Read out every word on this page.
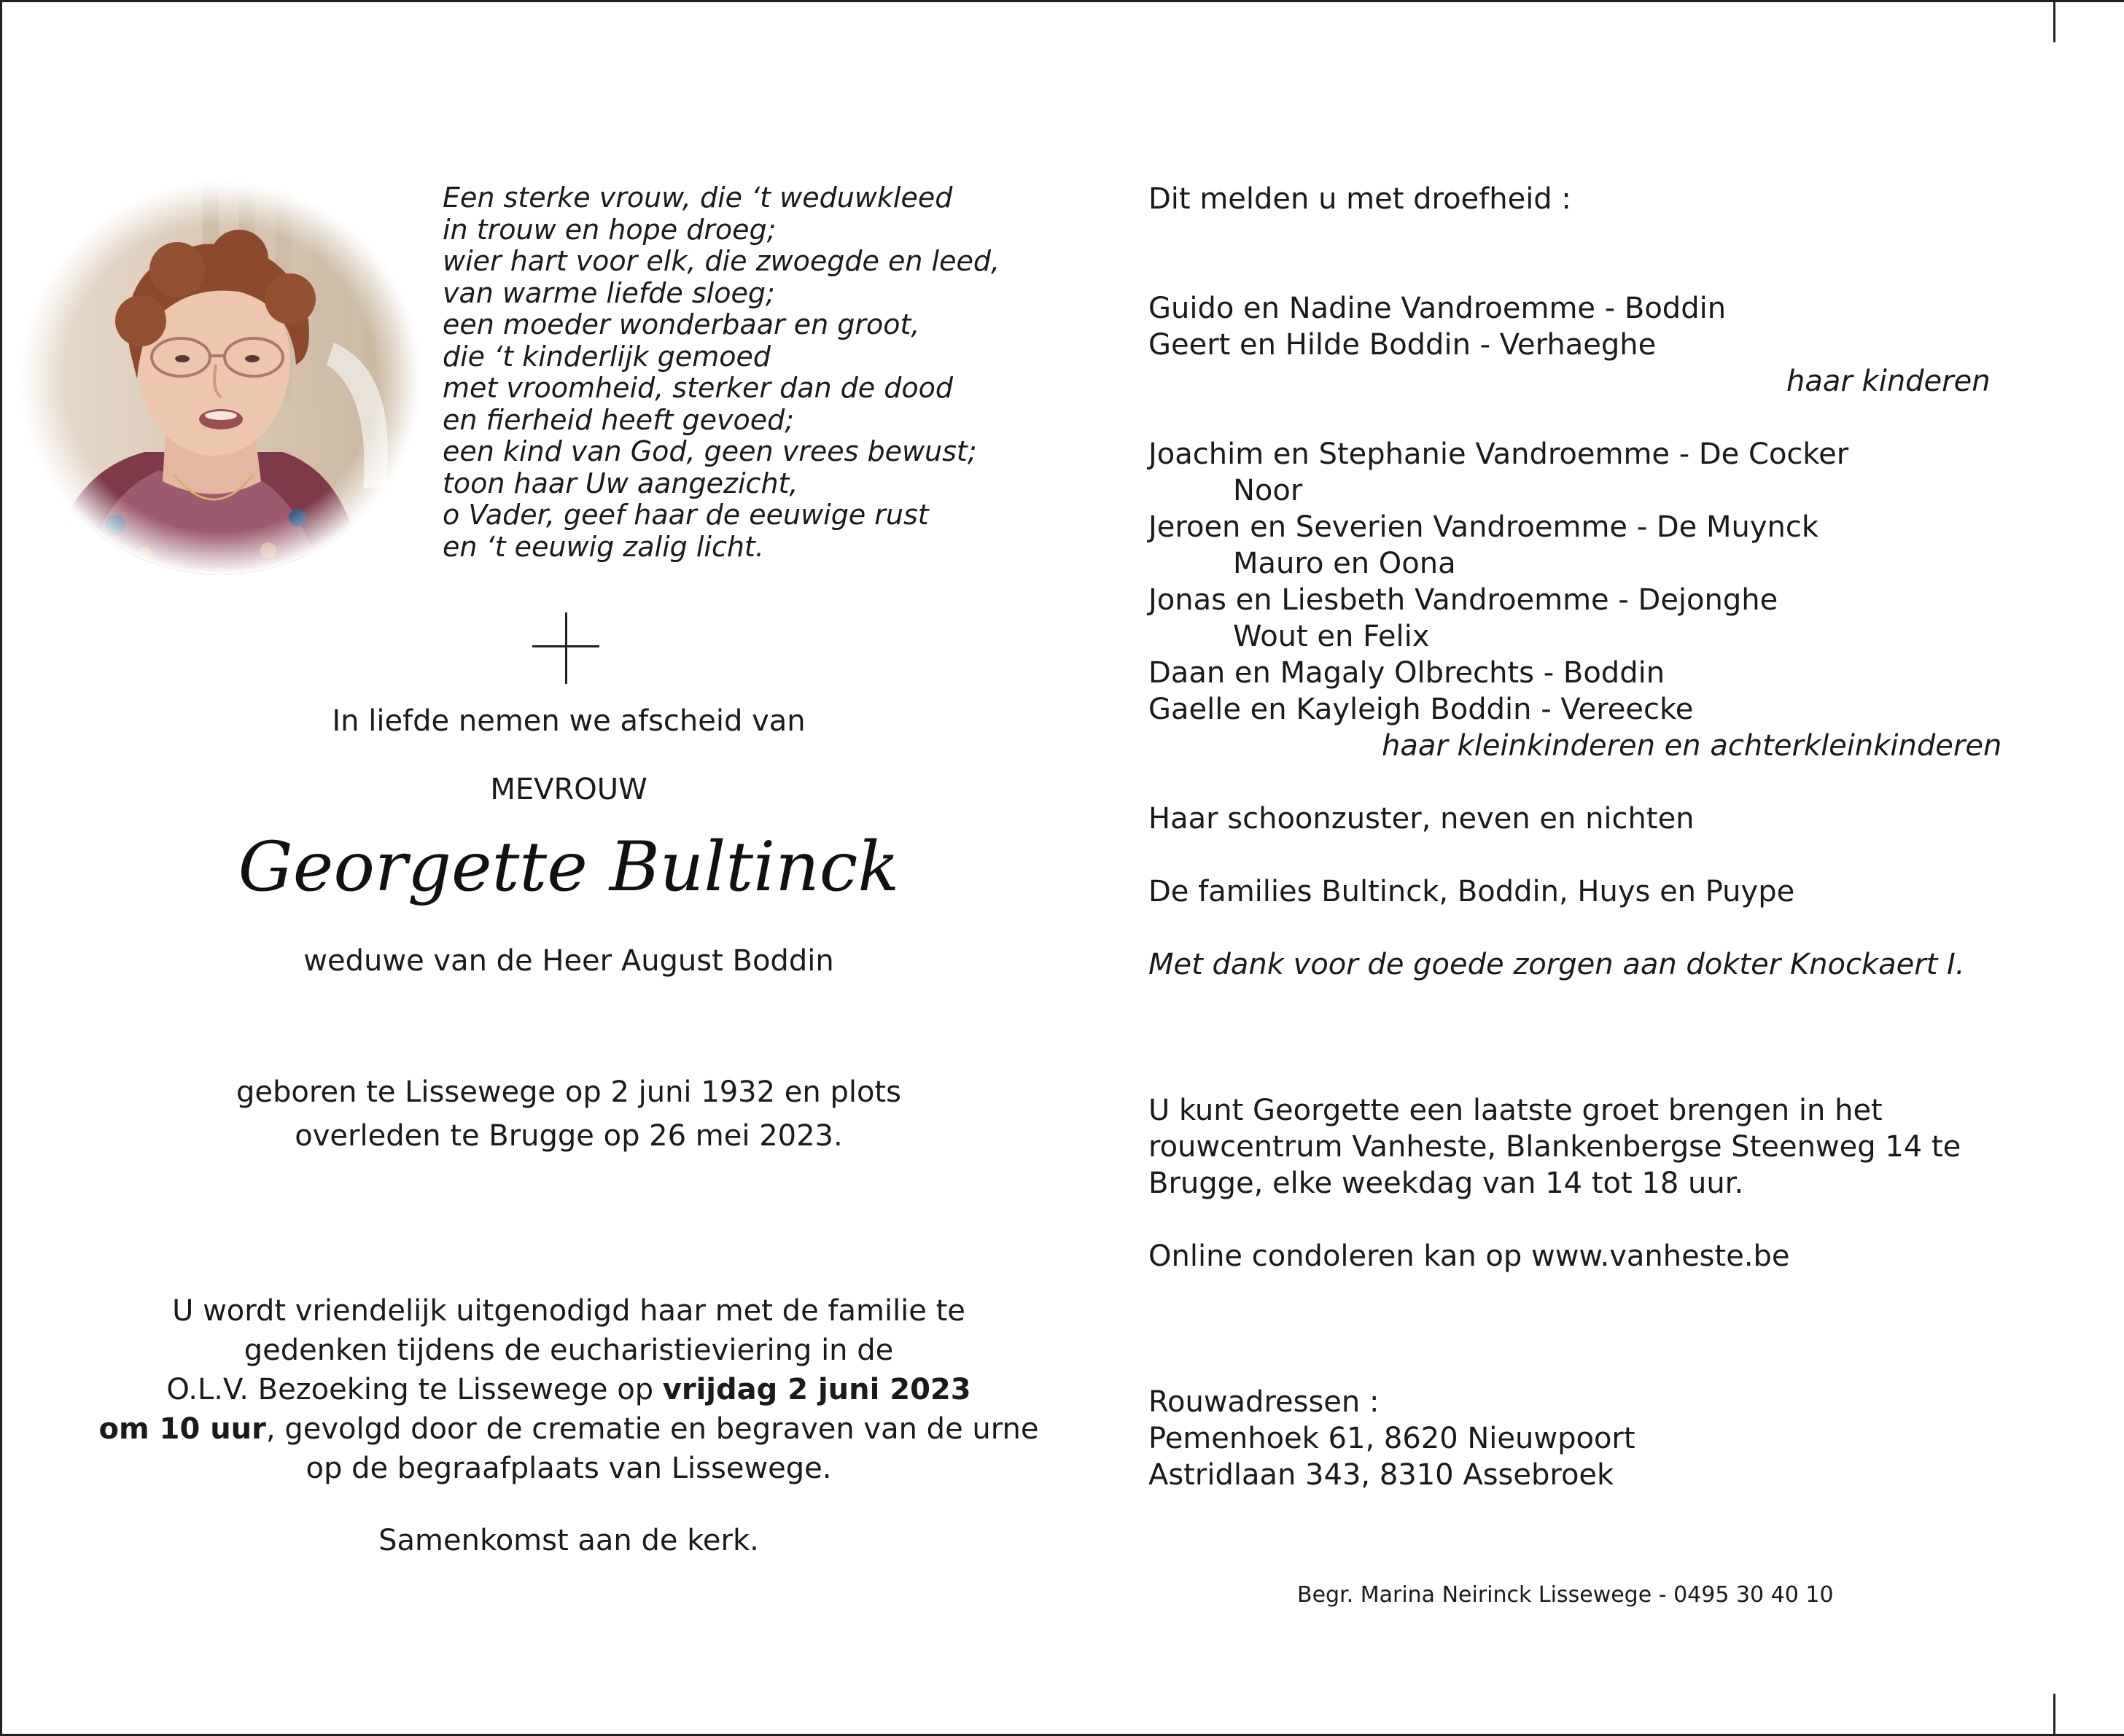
Een sterke vrouw, die ‘t weduwkleed
in trouw en hope droeg;
wier hart voor elk, die zwoegde en leed,
van warme liefde sloeg;
een moeder wonderbaar en groot,
die ‘t kinderlijk gemoed
met vroomheid, sterker dan de dood
en fierheid heeft gevoed;
een kind van God, geen vrees bewust;
toon haar Uw aangezicht,
o Vader, geef haar de eeuwige rust
en ‘t eeuwig zalig licht.
In liefde nemen we afscheid van
MEVROUW
Georgette Bultinck
weduwe van de Heer August Boddin
geboren te Lissewege op 2 juni 1932 en plots
overleden te Brugge op 26 mei 2023.
U wordt vriendelijk uitgenodigd haar met de familie te
gedenken tijdens de eucharistieviering in de
O.L.V. Bezoeking te Lissewege op vrijdag 2 juni 2023
om 10 uur, gevolgd door de crematie en begraven van de urne
op de begraafplaats van Lissewege.
Samenkomst aan de kerk.
Dit melden u met droefheid :
Guido en Nadine Vandroemme - Boddin
Geert en Hilde Boddin - Verhaeghe
haar kinderen
Joachim en Stephanie Vandroemme - De Cocker
Noor
Jeroen en Severien Vandroemme - De Muynck
Mauro en Oona
Jonas en Liesbeth Vandroemme - Dejonghe
Wout en Felix
Daan en Magaly Olbrechts - Boddin
Gaelle en Kayleigh Boddin - Vereecke
haar kleinkinderen en achterkleinkinderen
Haar schoonzuster, neven en nichten
De families Bultinck, Boddin, Huys en Puype
Met dank voor de goede zorgen aan dokter Knockaert I.
U kunt Georgette een laatste groet brengen in het
rouwcentrum Vanheste, Blankenbergse Steenweg 14 te
Brugge, elke weekdag van 14 tot 18 uur.
Online condoleren kan op www.vanheste.be
Rouwadressen :
Pemenhoek 61, 8620 Nieuwpoort
Astridlaan 343, 8310 Assebroek
Begr. Marina Neirinck Lissewege - 0495 30 40 10
